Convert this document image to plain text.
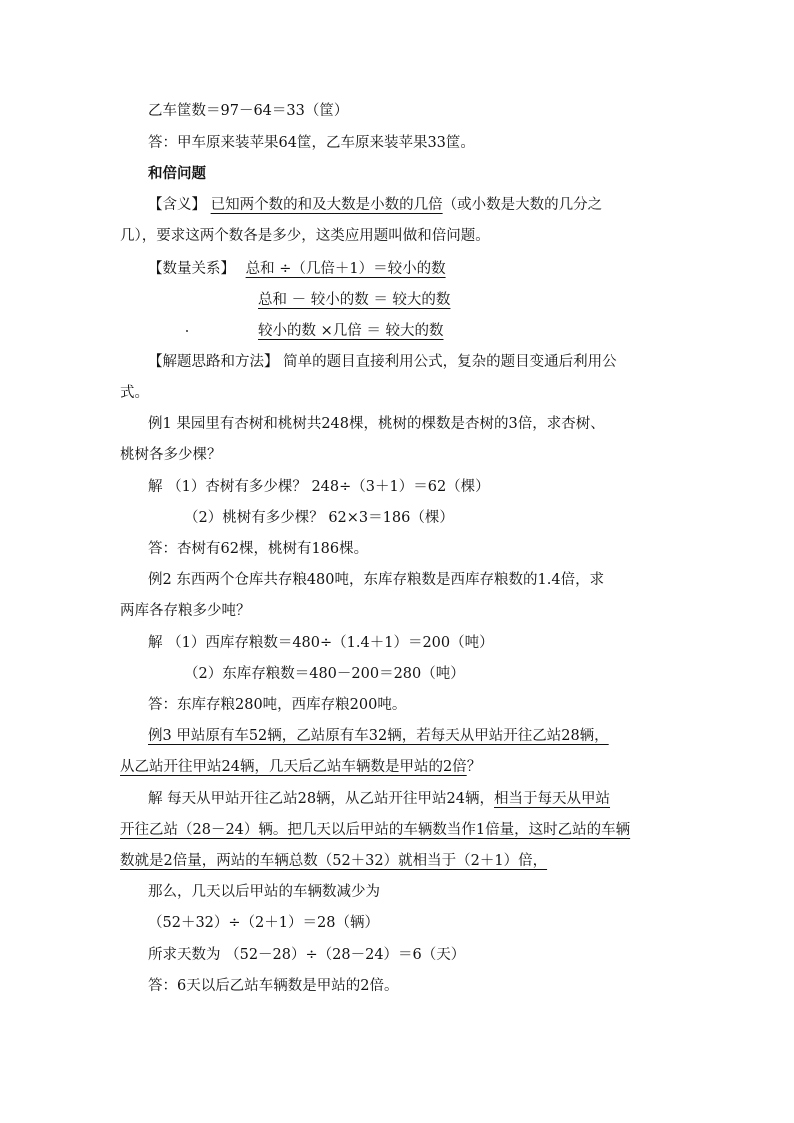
乙车筐数＝97－64＝33（筐）
答：甲车原来装苹果64筐，乙车原来装苹果33筐。
和倍问题
【含义】 已知两个数的和及大数是小数的几倍（或小数是大数的几分之
几），要求这两个数各是多少，这类应用题叫做和倍问题。
【数量关系】 总和 ÷（几倍＋1）＝较小的数
总和 － 较小的数 ＝ 较大的数
较小的数 ×几倍 ＝ 较大的数
【解题思路和方法】 简单的题目直接利用公式，复杂的题目变通后利用公
式。
例1 果园里有杏树和桃树共248棵，桃树的棵数是杏树的3倍，求杏树、
桃树各多少棵？
解 （1）杏树有多少棵？ 248÷（3＋1）＝62（棵）
（2）桃树有多少棵？ 62×3＝186（棵）
答：杏树有62棵，桃树有186棵。
例2 东西两个仓库共存粮480吨，东库存粮数是西库存粮数的1.4倍，求
两库各存粮多少吨？
解 （1）西库存粮数＝480÷（1.4＋1）＝200（吨）
（2）东库存粮数＝480－200＝280（吨）
答：东库存粮280吨，西库存粮200吨。
例3 甲站原有车52辆，乙站原有车32辆，若每天从甲站开往乙站28辆，
从乙站开往甲站24辆，几天后乙站车辆数是甲站的2倍？
解 每天从甲站开往乙站28辆，从乙站开往甲站24辆，相当于每天从甲站
开往乙站（28－24）辆。把几天以后甲站的车辆数当作1倍量，这时乙站的车辆
数就是2倍量，两站的车辆总数（52＋32）就相当于（2＋1）倍，
那么，几天以后甲站的车辆数减少为
（52＋32）÷（2＋1）＝28（辆）
所求天数为 （52－28）÷（28－24）＝6（天）
答：6天以后乙站车辆数是甲站的2倍。
